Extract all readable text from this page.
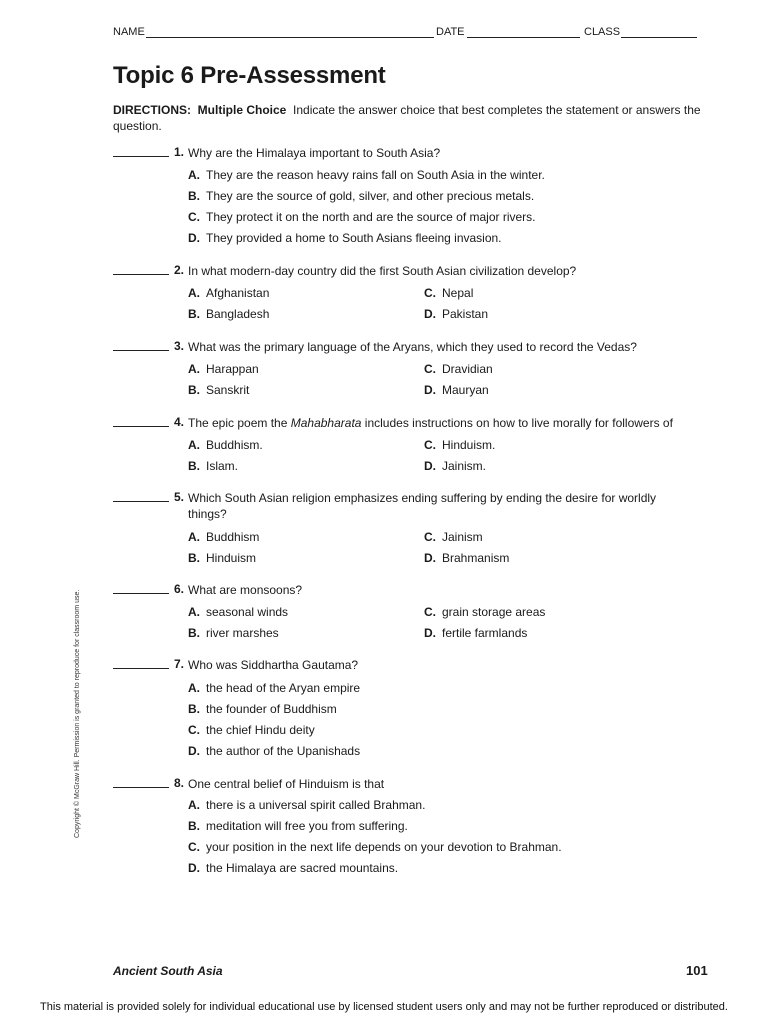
NAME	DATE	CLASS
Topic 6 Pre-Assessment
DIRECTIONS: Multiple Choice Indicate the answer choice that best completes the statement or answers the question.
1. Why are the Himalaya important to South Asia?
A. They are the reason heavy rains fall on South Asia in the winter.
B. They are the source of gold, silver, and other precious metals.
C. They protect it on the north and are the source of major rivers.
D. They provided a home to South Asians fleeing invasion.
2. In what modern-day country did the first South Asian civilization develop?
A. Afghanistan
B. Bangladesh
C. Nepal
D. Pakistan
3. What was the primary language of the Aryans, which they used to record the Vedas?
A. Harappan
B. Sanskrit
C. Dravidian
D. Mauryan
4. The epic poem the Mahabharata includes instructions on how to live morally for followers of
A. Buddhism.
B. Islam.
C. Hinduism.
D. Jainism.
5. Which South Asian religion emphasizes ending suffering by ending the desire for worldly things?
A. Buddhism
B. Hinduism
C. Jainism
D. Brahmanism
6. What are monsoons?
A. seasonal winds
B. river marshes
C. grain storage areas
D. fertile farmlands
7. Who was Siddhartha Gautama?
A. the head of the Aryan empire
B. the founder of Buddhism
C. the chief Hindu deity
D. the author of the Upanishads
8. One central belief of Hinduism is that
A. there is a universal spirit called Brahman.
B. meditation will free you from suffering.
C. your position in the next life depends on your devotion to Brahman.
D. the Himalaya are sacred mountains.
Copyright © McGraw Hill. Permission is granted to reproduce for classroom use.
Ancient South Asia	101
This material is provided solely for individual educational use by licensed student users only and may not be further reproduced or distributed.
